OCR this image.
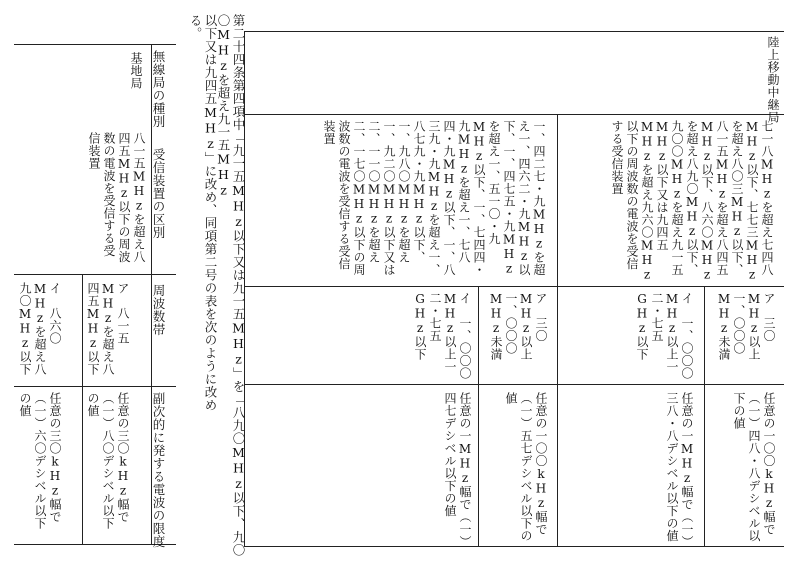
無線局の種別
受信装置の区別
周波数帯
副次的に発する電波の限度
基地局
八一五MHzを超え八四五MHz以下の周波数の電波を受信する受信装置
ア　八一五MHzを超え八四五MHz以下
任意の三〇kHz幅で（一）八〇デシベル以下の値
イ　八六〇MHzを超え八九〇MHz以下
任意の三〇kHz幅で（一）六〇デシベル以下の値	第二十四条第四項中「九一五MHz以下又は九一五MHz」を「八九〇MHz以下、九〇〇MHzを超え九一五MHz
以下又は九四五MHz」に改め、同項第二号の表を次のように改める。
陸上移動中継局
七一八MHzを超え七四八MHz以下、七七三MHzを超え八〇三MHz以下、八一五MHzを超え八四五MHz以下、八六〇MHzを超え八九〇MHz以下、九〇〇MHzを超え九一五MHz以下又は九四五MHzを超え九六〇MHz以下の周波数の電波を受信する受信装置
ア　三〇MHz以上一、〇〇〇MHz未満
任意の一〇〇kHz幅で（一）四八・八デシベル以下の値
イ　一、〇〇〇MHz以上一二・七五GHz以下
任意の一MHz幅で（一）三八・八デシベル以下の値
一、四二七・九MHzを超え一、四六二・九MHz以下、一、四七五・九MHzを超え一、五一〇・九MHz以下、一、七四四・九MHzを超え一、七八四・九MHz以下、一、八三九・九MHzを超え一、八七九・九MHz以下、一、九八〇MHzを超え一、九二〇MHz以下又は二、一一〇MHzを超え二、一七〇MHz以下の周波数の電波を受信する受信装置
ア　三〇MHz以上一、〇〇〇MHz未満
任意の一〇〇kHz幅で（一）五七デシベル以下の値
イ　一、〇〇〇MHz以上一二・七五GHz以下
任意の一MHz幅で（一）四七デシベル以下の値
